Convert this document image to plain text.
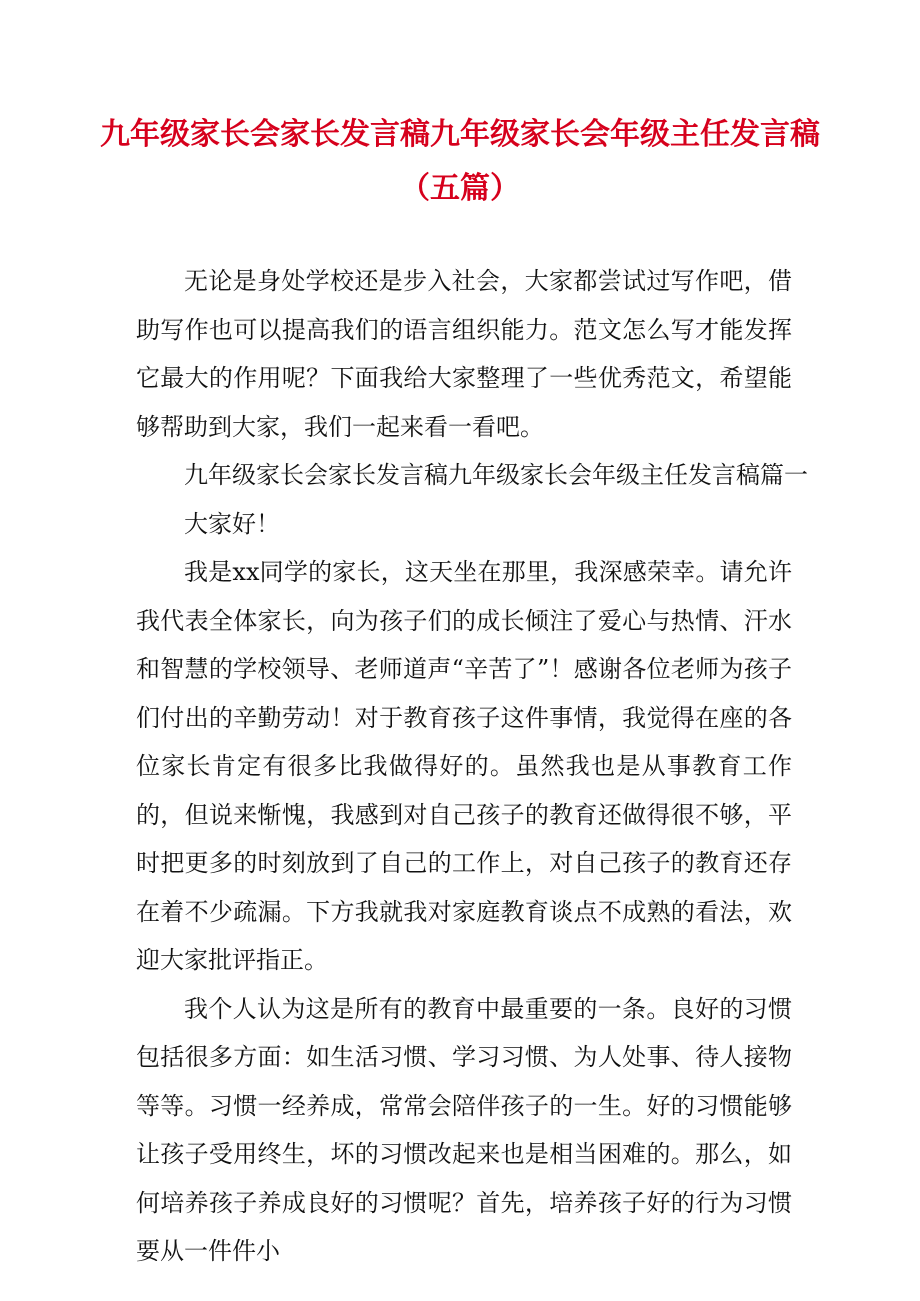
九年级家长会家长发言稿九年级家长会年级主任发言稿（五篇）

无论是身处学校还是步入社会，大家都尝试过写作吧，借助写作也可以提高我们的语言组织能力。范文怎么写才能发挥它最大的作用呢？下面我给大家整理了一些优秀范文，希望能够帮助到大家，我们一起来看一看吧。

九年级家长会家长发言稿九年级家长会年级主任发言稿篇一

大家好！

我是xx同学的家长，这天坐在那里，我深感荣幸。请允许我代表全体家长，向为孩子们的成长倾注了爱心与热情、汗水和智慧的学校领导、老师道声“辛苦了”！感谢各位老师为孩子们付出的辛勤劳动！对于教育孩子这件事情，我觉得在座的各位家长肯定有很多比我做得好的。虽然我也是从事教育工作的，但说来惭愧，我感到对自己孩子的教育还做得很不够，平时把更多的时刻放到了自己的工作上，对自己孩子的教育还存在着不少疏漏。下方我就我对家庭教育谈点不成熟的看法，欢迎大家批评指正。

我个人认为这是所有的教育中最重要的一条。良好的习惯包括很多方面：如生活习惯、学习习惯、为人处事、待人接物等等。习惯一经养成，常常会陪伴孩子的一生。好的习惯能够让孩子受用终生，坏的习惯改起来也是相当困难的。那么，如何培养孩子养成良好的习惯呢？首先，培养孩子好的行为习惯要从一件件小
